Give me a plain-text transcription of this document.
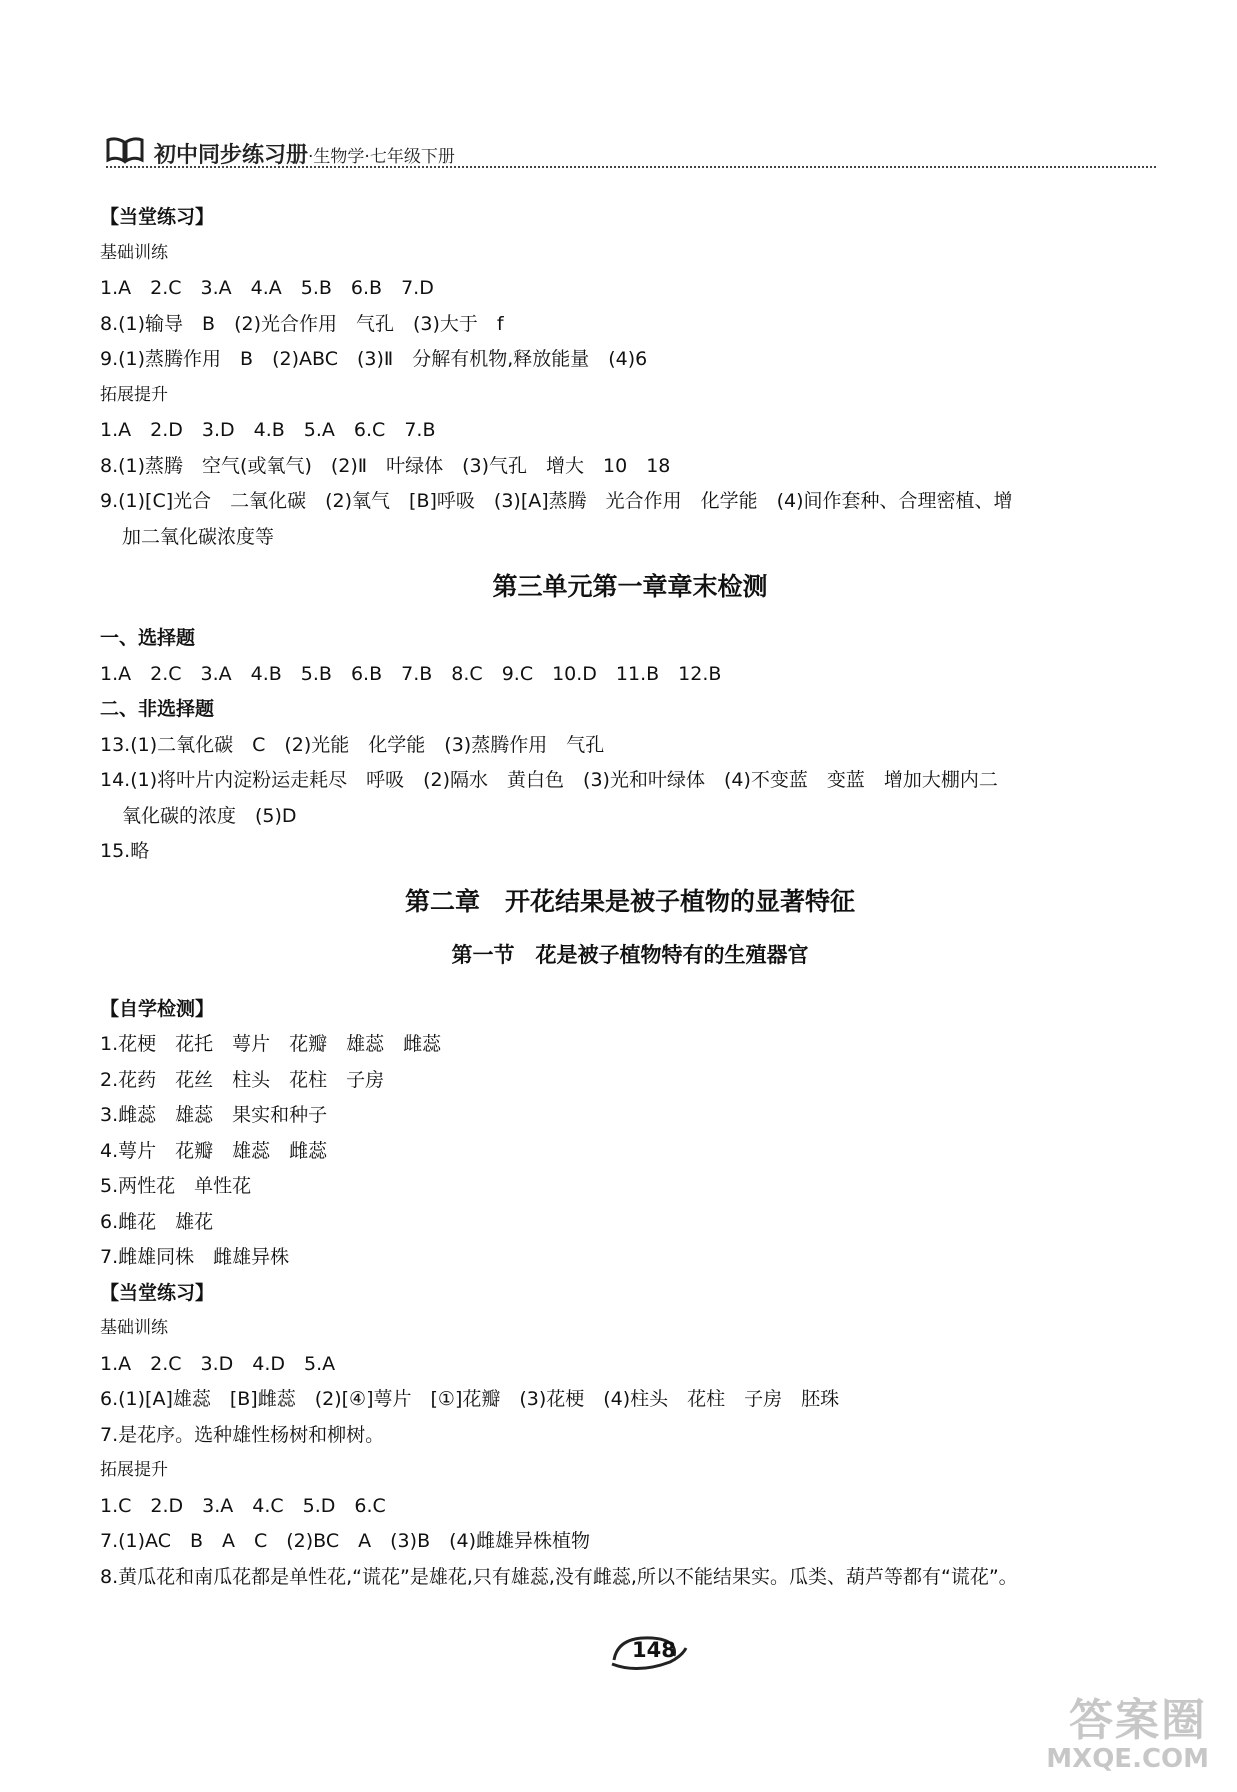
初中同步练习册·生物学·七年级下册
【当堂练习】
基础训练
1.A　2.C　3.A　4.A　5.B　6.B　7.D
8.(1)输导　B　(2)光合作用　气孔　(3)大于　f
9.(1)蒸腾作用　B　(2)ABC　(3)Ⅱ　分解有机物,释放能量　(4)6
拓展提升
1.A　2.D　3.D　4.B　5.A　6.C　7.B
8.(1)蒸腾　空气(或氧气)　(2)Ⅱ　叶绿体　(3)气孔　增大　10　18
9.(1)[C]光合　二氧化碳　(2)氧气　[B]呼吸　(3)[A]蒸腾　光合作用　化学能　(4)间作套种、合理密植、增
加二氧化碳浓度等
第三单元第一章章末检测
一、选择题
1.A　2.C　3.A　4.B　5.B　6.B　7.B　8.C　9.C　10.D　11.B　12.B
二、非选择题
13.(1)二氧化碳　C　(2)光能　化学能　(3)蒸腾作用　气孔
14.(1)将叶片内淀粉运走耗尽　呼吸　(2)隔水　黄白色　(3)光和叶绿体　(4)不变蓝　变蓝　增加大棚内二
氧化碳的浓度　(5)D
15.略
第二章　开花结果是被子植物的显著特征
第一节　花是被子植物特有的生殖器官
【自学检测】
1.花梗　花托　萼片　花瓣　雄蕊　雌蕊
2.花药　花丝　柱头　花柱　子房
3.雌蕊　雄蕊　果实和种子
4.萼片　花瓣　雄蕊　雌蕊
5.两性花　单性花
6.雌花　雄花
7.雌雄同株　雌雄异株
【当堂练习】
基础训练
1.A　2.C　3.D　4.D　5.A
6.(1)[A]雄蕊　[B]雌蕊　(2)[④]萼片　[①]花瓣　(3)花梗　(4)柱头　花柱　子房　胚珠
7.是花序。选种雄性杨树和柳树。
拓展提升
1.C　2.D　3.A　4.C　5.D　6.C
7.(1)AC　B　A　C　(2)BC　A　(3)B　(4)雌雄异株植物
8.黄瓜花和南瓜花都是单性花,“谎花”是雄花,只有雄蕊,没有雌蕊,所以不能结果实。瓜类、葫芦等都有“谎花”。
148
答案圈
MXQE.COM
